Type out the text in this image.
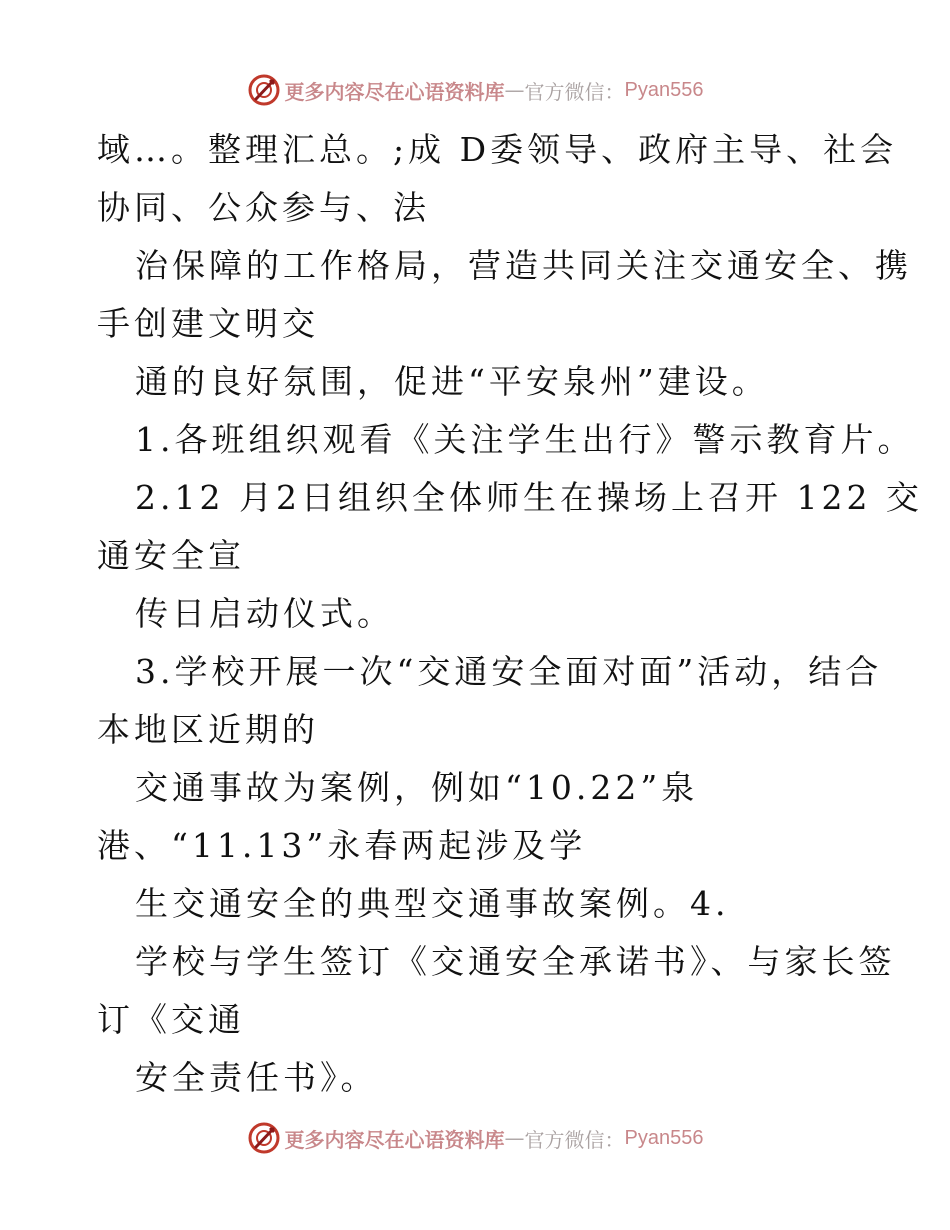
更多内容尽在心语资料库 — 官方微信： Pyan556
域…。整理汇总。;成 D委领导、政府主导、社会
协同、公众参与、法
治保障的工作格局，营造共同关注交通安全、携
手创建文明交
通的良好氛围，促进“平安泉州”建设。
1.各班组织观看《关注学生出行》警示教育片。
2.12 月2日组织全体师生在操场上召开 122 交
通安全宣
传日启动仪式。
3.学校开展一次“交通安全面对面”活动，结合
本地区近期的
交通事故为案例，例如“10.22”泉
港、“11.13”永春两起涉及学
生交通安全的典型交通事故案例。4.
学校与学生签订《交通安全承诺书》、与家长签
订《交通
安全责任书》。
更多内容尽在心语资料库 — 官方微信： Pyan556
